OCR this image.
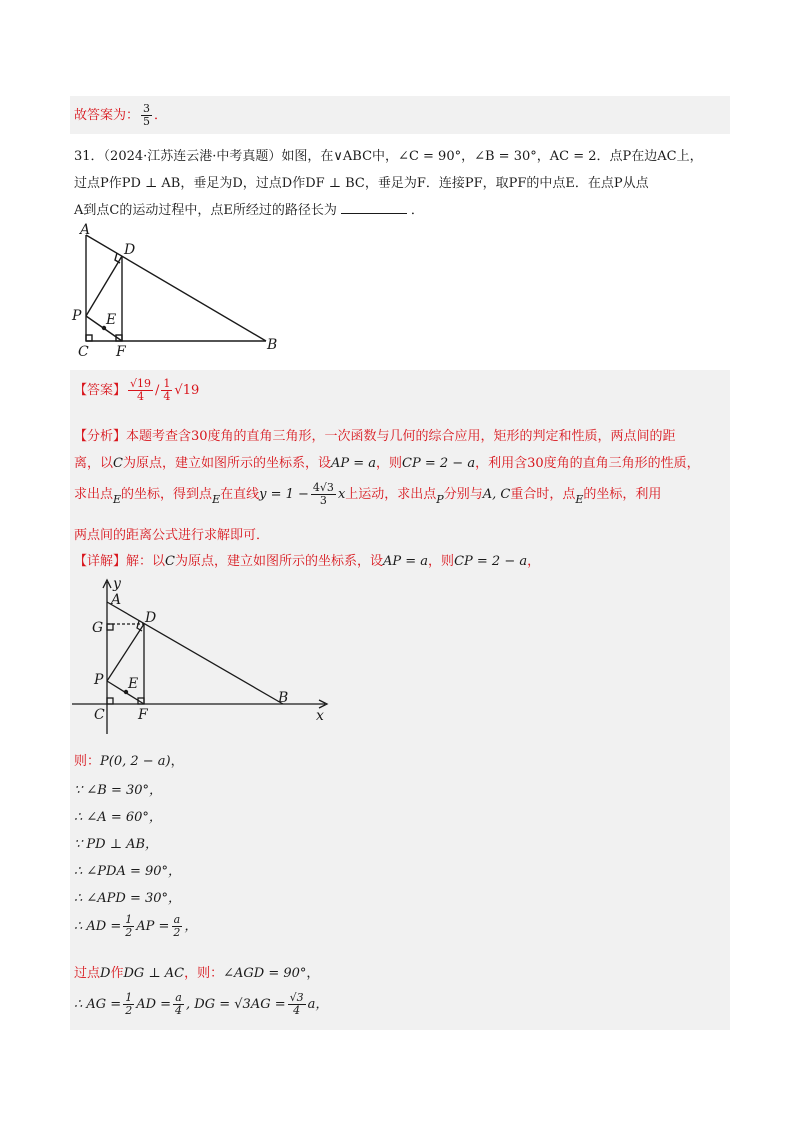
故答案为： $\frac{3}{5}$ ．
31．（2024·江苏连云港·中考真题）如图，在∨ABC中，∠C = 90°，∠B = 30°，AC = 2．点P在边AC上，
过点P作PD ⊥ AB，垂足为D，过点D作DF ⊥ BC，垂足为F．连接PF，取PF的中点E．在点P从点
A到点C的运动过程中，点E所经过的路径长为	．
A
D
P E
C F	B
【答案】 $\frac{√19}{4} / \frac{1}{4} √19$
【分析】本题考查含30度角的直角三角形，一次函数与几何的综合应用，矩形的判定和性质，两点间的距
离，以C为原点，建立如图所示的坐标系，设AP = a，则CP = 2 − a，利用含30度角的直角三角形的性质，
求出点$_E$的坐标，得到点$_E$在直线$y = 1 - \frac{4√3}{3}$ x上运动，求出点$_P$分别与A, C重合时，点$_E$的坐标，利用
两点间的距离公式进行求解即可．
【详解】解：以C为原点，建立如图所示的坐标系，设AP = a，则CP = 2 − a，
y
A
G
D
P E
C F
B
x
则：P(0, 2 − a)，
∵ ∠B = 30°，
∴ ∠A = 60°，
∵ PD ⊥ AB，
∴ ∠PDA = 90°，
∴ ∠APD = 30°，
∴ AD = $\frac{1}{2}$ AP = $\frac{a}{2}$ ，
过点D作DG ⊥ AC，则：∠AGD = 90°，
∴ AG = $\frac{1}{2}$ AD = $\frac{a}{4}$ , DG = $√3AG = \frac{√3}{4}$ a，
